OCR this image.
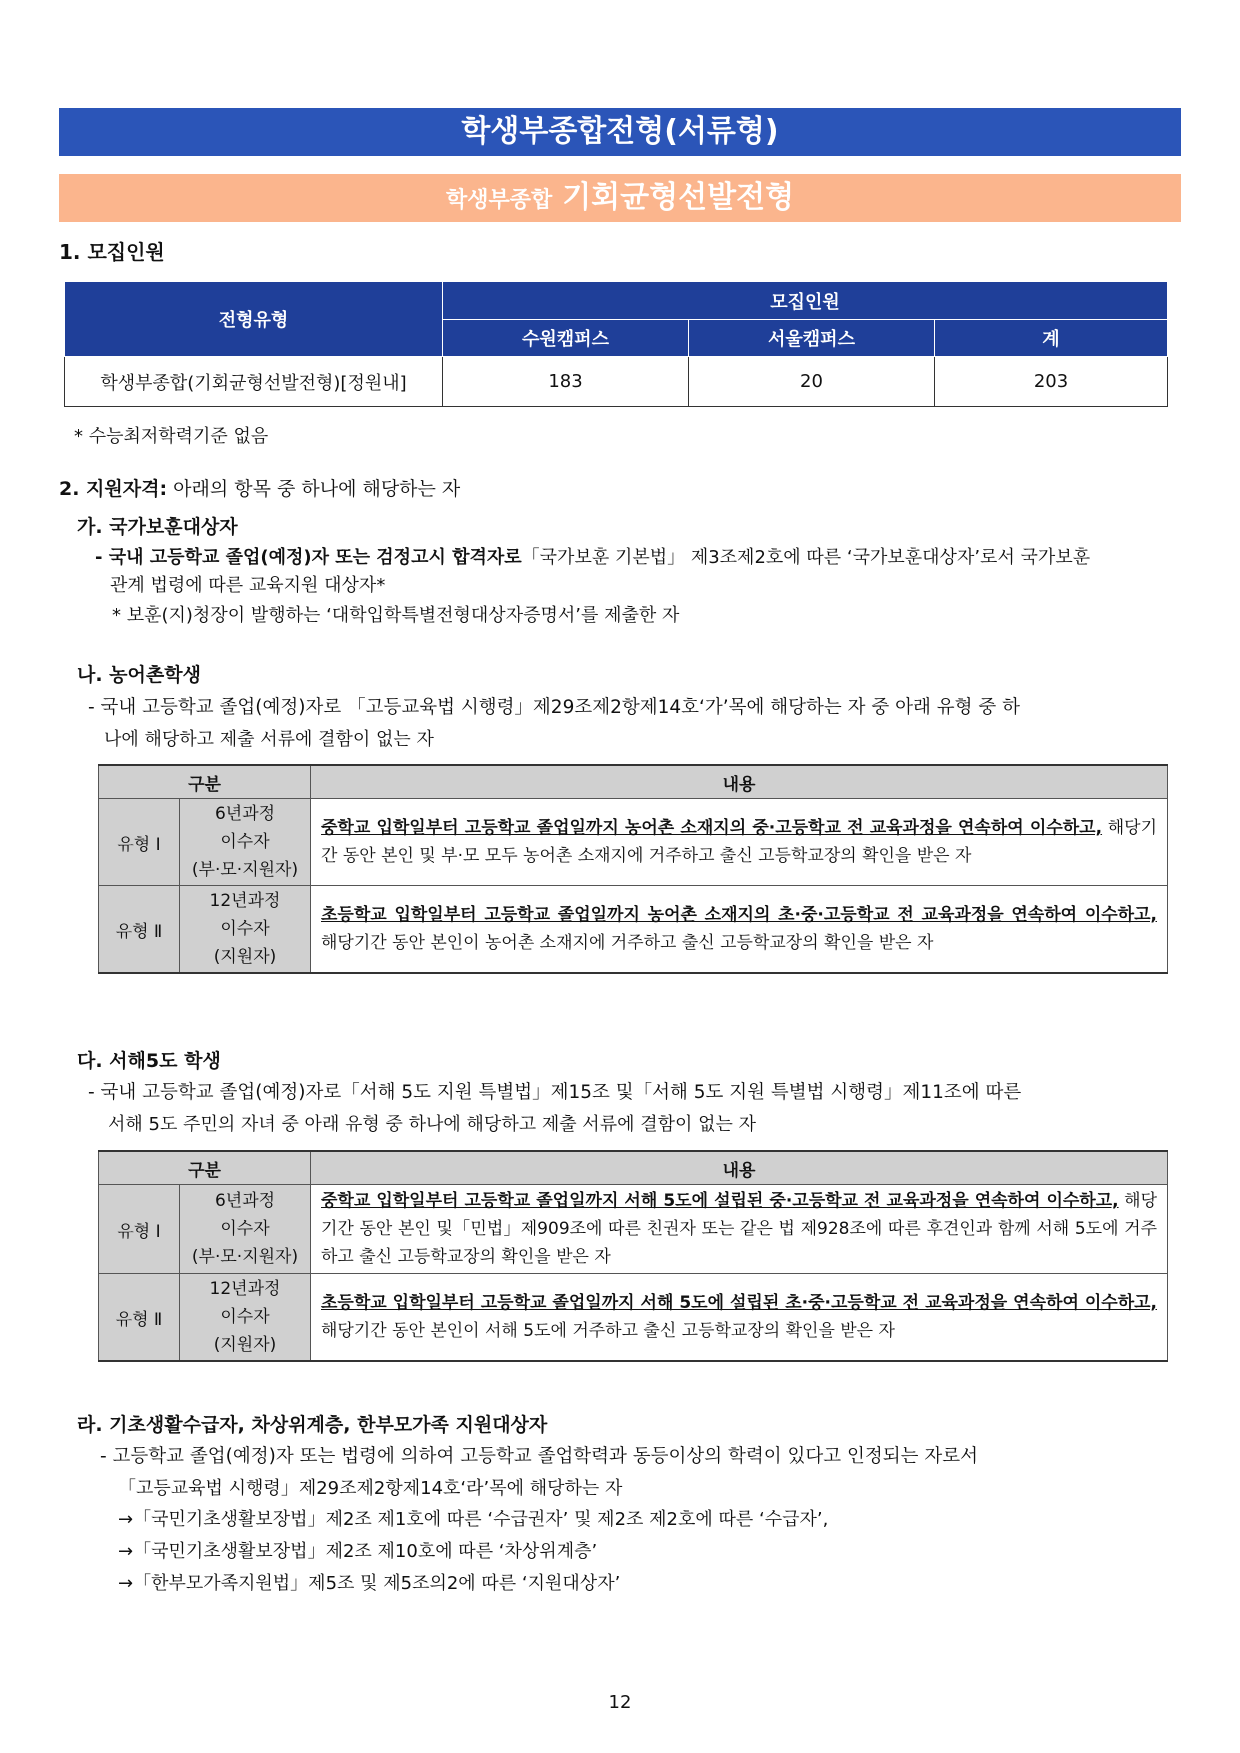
학생부종합전형(서류형)
학생부종합 기회균형선발전형
1. 모집인원
전형유형	모집인원		
	수원캠퍼스	서울캠퍼스	계
학생부종합(기회균형선발전형)[정원내]	183	20	203
* 수능최저학력기준 없음
2. 지원자격: 아래의 항목 중 하나에 해당하는 자
가. 국가보훈대상자
- 국내 고등학교 졸업(예정)자 또는 검정고시 합격자로「국가보훈 기본법」 제3조제2호에 따른 ‘국가보훈대상자’로서 국가보훈
관계 법령에 따른 교육지원 대상자*
* 보훈(지)청장이 발행하는 ‘대학입학특별전형대상자증명서’를 제출한 자
나. 농어촌학생
- 국내 고등학교 졸업(예정)자로 「고등교육법 시행령」제29조제2항제14호‘가’목에 해당하는 자 중 아래 유형 중 하
나에 해당하고 제출 서류에 결함이 없는 자
구분		내용
유형 Ⅰ	6년과정
이수자
(부·모·지원자)	중학교 입학일부터 고등학교 졸업일까지 농어촌 소재지의 중·고등학교 전 교육과정을 연속하여 이수하고, 해당기간 동안 본인 및 부·모 모두 농어촌 소재지에 거주하고 출신 고등학교장의 확인을 받은 자
유형 Ⅱ	12년과정
이수자
(지원자)	초등학교 입학일부터 고등학교 졸업일까지 농어촌 소재지의 초·중·고등학교 전 교육과정을 연속하여 이수하고, 해당기간 동안 본인이 농어촌 소재지에 거주하고 출신 고등학교장의 확인을 받은 자
다. 서해5도 학생
- 국내 고등학교 졸업(예정)자로「서해 5도 지원 특별법」제15조 및「서해 5도 지원 특별법 시행령」제11조에 따른
서해 5도 주민의 자녀 중 아래 유형 중 하나에 해당하고 제출 서류에 결함이 없는 자
구분		내용
유형 Ⅰ	6년과정
이수자
(부·모·지원자)	중학교 입학일부터 고등학교 졸업일까지 서해 5도에 설립된 중·고등학교 전 교육과정을 연속하여 이수하고, 해당기간 동안 본인 및「민법」제909조에 따른 친권자 또는 같은 법 제928조에 따른 후견인과 함께 서해 5도에 거주하고 출신 고등학교장의 확인을 받은 자
유형 Ⅱ	12년과정
이수자
(지원자)	초등학교 입학일부터 고등학교 졸업일까지 서해 5도에 설립된 초·중·고등학교 전 교육과정을 연속하여 이수하고, 해당기간 동안 본인이 서해 5도에 거주하고 출신 고등학교장의 확인을 받은 자
라. 기초생활수급자, 차상위계층, 한부모가족 지원대상자
- 고등학교 졸업(예정)자 또는 법령에 의하여 고등학교 졸업학력과 동등이상의 학력이 있다고 인정되는 자로서
「고등교육법 시행령」제29조제2항제14호‘라’목에 해당하는 자
→「국민기초생활보장법」제2조 제1호에 따른 ‘수급권자’ 및 제2조 제2호에 따른 ‘수급자’,
→「국민기초생활보장법」제2조 제10호에 따른 ‘차상위계층’
→「한부모가족지원법」제5조 및 제5조의2에 따른 ‘지원대상자’
12
